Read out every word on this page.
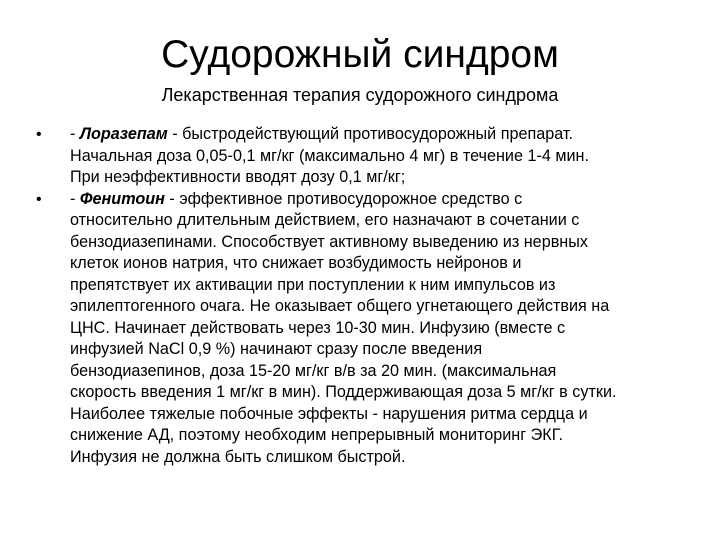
Судорожный синдром
Лекарственная терапия судорожного синдрома
•	- Лоразепам - быстродействующий противосудорожный препарат.
Начальная доза 0,05-0,1 мг/кг (максимально 4 мг) в течение 1-4 мин.
При неэффективности вводят дозу 0,1 мг/кг;
•	- Фенитоин - эффективное противосудорожное средство с
относительно длительным действием, его назначают в сочетании с
бензодиазепинами. Способствует активному выведению из нервных
клеток ионов натрия, что снижает возбудимость нейронов и
препятствует их активации при поступлении к ним импульсов из
эпилептогенного очага. Не оказывает общего угнетающего действия на
ЦНС. Начинает действовать через 10-30 мин. Инфузию (вместе с
инфузией NaCl 0,9 %) начинают сразу после введения
бензодиазепинов, доза 15-20 мг/кг в/в за 20 мин. (максимальная
скорость введения 1 мг/кг в мин). Поддерживающая доза 5 мг/кг в сутки.
Наиболее тяжелые побочные эффекты - нарушения ритма сердца и
снижение АД, поэтому необходим непрерывный мониторинг ЭКГ.
Инфузия не должна быть слишком быстрой.
